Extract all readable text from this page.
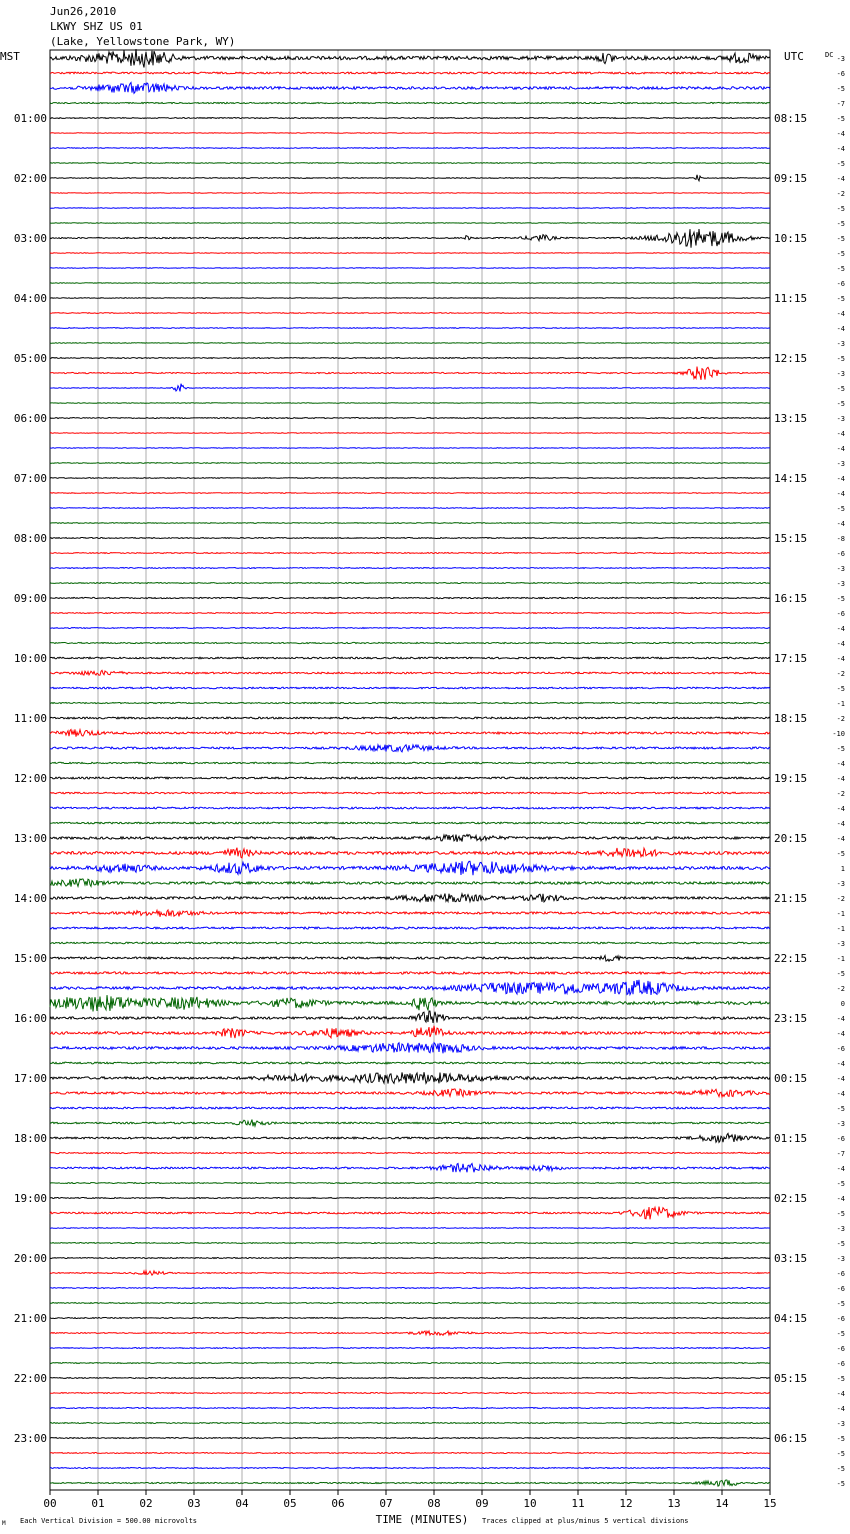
Jun26,2010
LKWY SHZ US 01
(Lake, Yellowstone Park, WY)
MST	UTC	DC
01:00
02:00
03:00
04:00
05:00
06:00
07:00
08:00
09:00
10:00
11:00
12:00
13:00
14:00
15:00
16:00
17:00
18:00
19:00
20:00
21:00
22:00
23:00
08:15
09:15
10:15
11:15
12:15
13:15
14:15
15:15
16:15
17:15
18:15
19:15
20:15
21:15
22:15
23:15
00:15
01:15
02:15
03:15
04:15
05:15
06:15
-3
-6
-5
-7
-5
-4
-4
-5
-4
-2
-5
-5
-5
-5
-5
-6
-5
-4
-4
-3
-5
-3
-5
-5
-3
-4
-4
-3
-4
-4
-5
-4
-8
-6
-3
-3
-5
-6
-4
-4
-4
-2
-5
-1
-2
-10
-5
-4
-4
-2
-4
-4
-4
-5
1
-3
-2
-1
-1
-3
-1
-5
-2
0
-4
-4
-6
-4
-4
-4
-5
-3
-6
-7
-4
-5
-4
-5
-3
-5
-3
-6
-6
-5
-6
-5
-6
-6
-5
-4
-4
-3
-5
-5
-5
-5
00	01	02	03	04	05	06	07	08	09	10	11	12	13	14	15
TIME (MINUTES)
Each Vertical Division = 500.00 microvolts	Traces clipped at plus/minus 5 vertical divisions
M
